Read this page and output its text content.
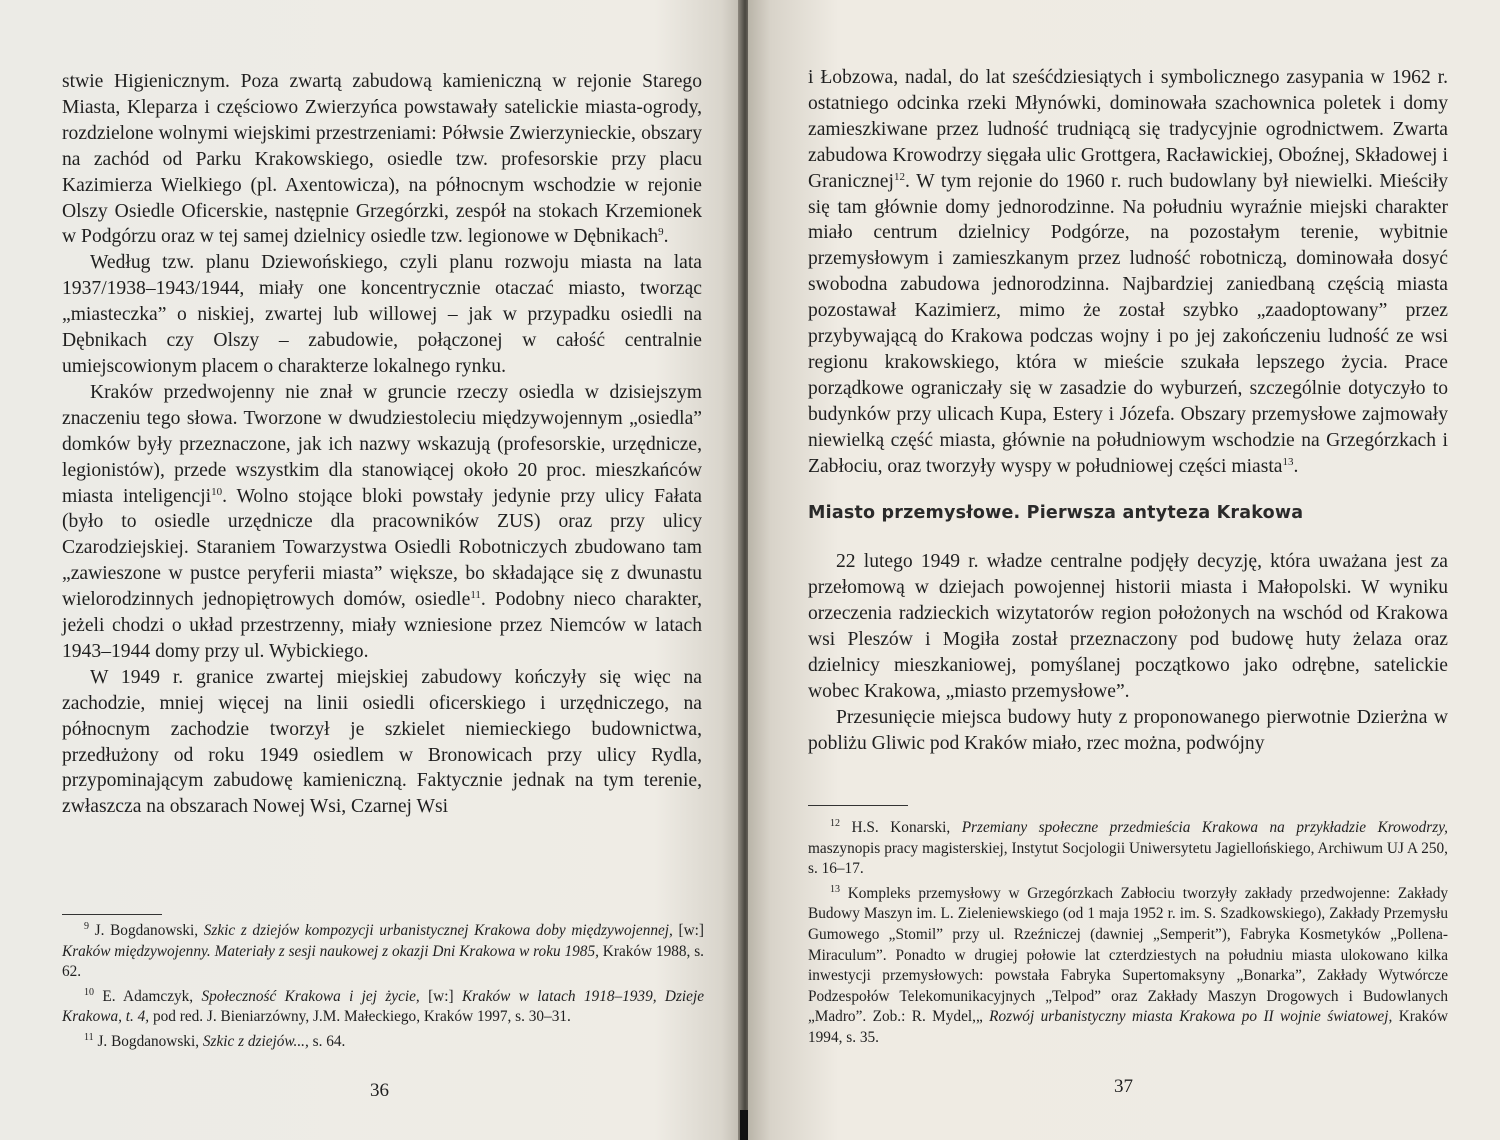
stwie Higienicznym. Poza zwartą zabudową kamieniczną w rejonie Starego Miasta, Kleparza i częściowo Zwierzyńca powstawały satelickie miasta-ogrody, rozdzielone wolnymi wiejskimi przestrzeniami: Półwsie Zwierzynieckie, obszary na zachód od Parku Krakowskiego, osiedle tzw. profesorskie przy placu Kazimierza Wielkiego (pl. Axentowicza), na północnym wschodzie w rejonie Olszy Osiedle Oficerskie, następnie Grzegórzki, zespół na stokach Krzemionek w Podgórzu oraz w tej samej dzielnicy osiedle tzw. legionowe w Dębnikach$^9$.

Według tzw. planu Dziewońskiego, czyli planu rozwoju miasta na lata 1937/1938–1943/1944, miały one koncentrycznie otaczać miasto, tworząc „miasteczka” o niskiej, zwartej lub willowej – jak w przypadku osiedli na Dębnikach czy Olszy – zabudowie, połączonej w całość centralnie umiejscowionym placem o charakterze lokalnego rynku.

Kraków przedwojenny nie znał w gruncie rzeczy osiedla w dzisiejszym znaczeniu tego słowa. Tworzone w dwudziestoleciu międzywojennym „osiedla” domków były przeznaczone, jak ich nazwy wskazują (profesorskie, urzędnicze, legionistów), przede wszystkim dla stanowiącej około 20 proc. mieszkańców miasta inteligencji$^{10}$. Wolno stojące bloki powstały jedynie przy ulicy Fałata (było to osiedle urzędnicze dla pracowników ZUS) oraz przy ulicy Czarodziejskiej. Staraniem Towarzystwa Osiedli Robotniczych zbudowano tam „zawieszone w pustce peryferii miasta” większe, bo składające się z dwunastu wielorodzinnych jednopiętrowych domów, osiedle$^{11}$. Podobny nieco charakter, jeżeli chodzi o układ przestrzenny, miały wzniesione przez Niemców w latach 1943–1944 domy przy ul. Wybickiego.

W 1949 r. granice zwartej miejskiej zabudowy kończyły się więc na zachodzie, mniej więcej na linii osiedli oficerskiego i urzędniczego, na północnym zachodzie tworzył je szkielet niemieckiego budownictwa, przedłużony od roku 1949 osiedlem w Bronowicach przy ulicy Rydla, przypominającym zabudowę kamieniczną. Faktycznie jednak na tym terenie, zwłaszcza na obszarach Nowej Wsi, Czarnej Wsi

$^9$ J. Bogdanowski, Szkic z dziejów kompozycji urbanistycznej Krakowa doby międzywojennej, [w:] Kraków międzywojenny. Materiały z sesji naukowej z okazji Dni Krakowa w roku 1985, Kraków 1988, s. 62.

$^{10}$ E. Adamczyk, Społeczność Krakowa i jej życie, [w:] Kraków w latach 1918–1939, Dzieje Krakowa, t. 4, pod red. J. Bieniarzówny, J.M. Małeckiego, Kraków 1997, s. 30–31.

$^{11}$ J. Bogdanowski, Szkic z dziejów..., s. 64.

36

i Łobzowa, nadal, do lat sześćdziesiątych i symbolicznego zasypania w 1962 r. ostatniego odcinka rzeki Młynówki, dominowała szachownica poletek i domy zamieszkiwane przez ludność trudniącą się tradycyjnie ogrodnictwem. Zwarta zabudowa Krowodrzy sięgała ulic Grottgera, Racławickiej, Oboźnej, Składowej i Granicznej$^{12}$. W tym rejonie do 1960 r. ruch budowlany był niewielki. Mieściły się tam głównie domy jednorodzinne. Na południu wyraźnie miejski charakter miało centrum dzielnicy Podgórze, na pozostałym terenie, wybitnie przemysłowym i zamieszkanym przez ludność robotniczą, dominowała dosyć swobodna zabudowa jednorodzinna. Najbardziej zaniedbaną częścią miasta pozostawał Kazimierz, mimo że został szybko „zaadoptowany” przez przybywającą do Krakowa podczas wojny i po jej zakończeniu ludność ze wsi regionu krakowskiego, która w mieście szukała lepszego życia. Prace porządkowe ograniczały się w zasadzie do wyburzeń, szczególnie dotyczyło to budynków przy ulicach Kupa, Estery i Józefa. Obszary przemysłowe zajmowały niewielką część miasta, głównie na południowym wschodzie na Grzegórzkach i Zabłociu, oraz tworzyły wyspy w południowej części miasta$^{13}$.

Miasto przemysłowe. Pierwsza antyteza Krakowa

22 lutego 1949 r. władze centralne podjęły decyzję, która uważana jest za przełomową w dziejach powojennej historii miasta i Małopolski. W wyniku orzeczenia radzieckich wizytatorów region położonych na wschód od Krakowa wsi Pleszów i Mogiła został przeznaczony pod budowę huty żelaza oraz dzielnicy mieszkaniowej, pomyślanej początkowo jako odrębne, satelickie wobec Krakowa, „miasto przemysłowe”.

Przesunięcie miejsca budowy huty z proponowanego pierwotnie Dzierżna w pobliżu Gliwic pod Kraków miało, rzec można, podwójny

$^{12}$ H.S. Konarski, Przemiany społeczne przedmieścia Krakowa na przykładzie Krowodrzy, maszynopis pracy magisterskiej, Instytut Socjologii Uniwersytetu Jagiellońskiego, Archiwum UJ A 250, s. 16–17.

$^{13}$ Kompleks przemysłowy w Grzegórzkach Zabłociu tworzyły zakłady przedwojenne: Zakłady Budowy Maszyn im. L. Zieleniewskiego (od 1 maja 1952 r. im. S. Szadkowskiego), Zakłady Przemysłu Gumowego „Stomil” przy ul. Rzeźniczej (dawniej „Semperit”), Fabryka Kosmetyków „Pollena-Miraculum”. Ponadto w drugiej połowie lat czterdziestych na południu miasta ulokowano kilka inwestycji przemysłowych: powstała Fabryka Supertomaksyny „Bonarka”, Zakłady Wytwórcze Podzespołów Telekomunikacyjnych „Telpod” oraz Zakłady Maszyn Drogowych i Budowlanych „Madro”. Zob.: R. Mydel,„ Rozwój urbanistyczny miasta Krakowa po II wojnie światowej, Kraków 1994, s. 35.

37
